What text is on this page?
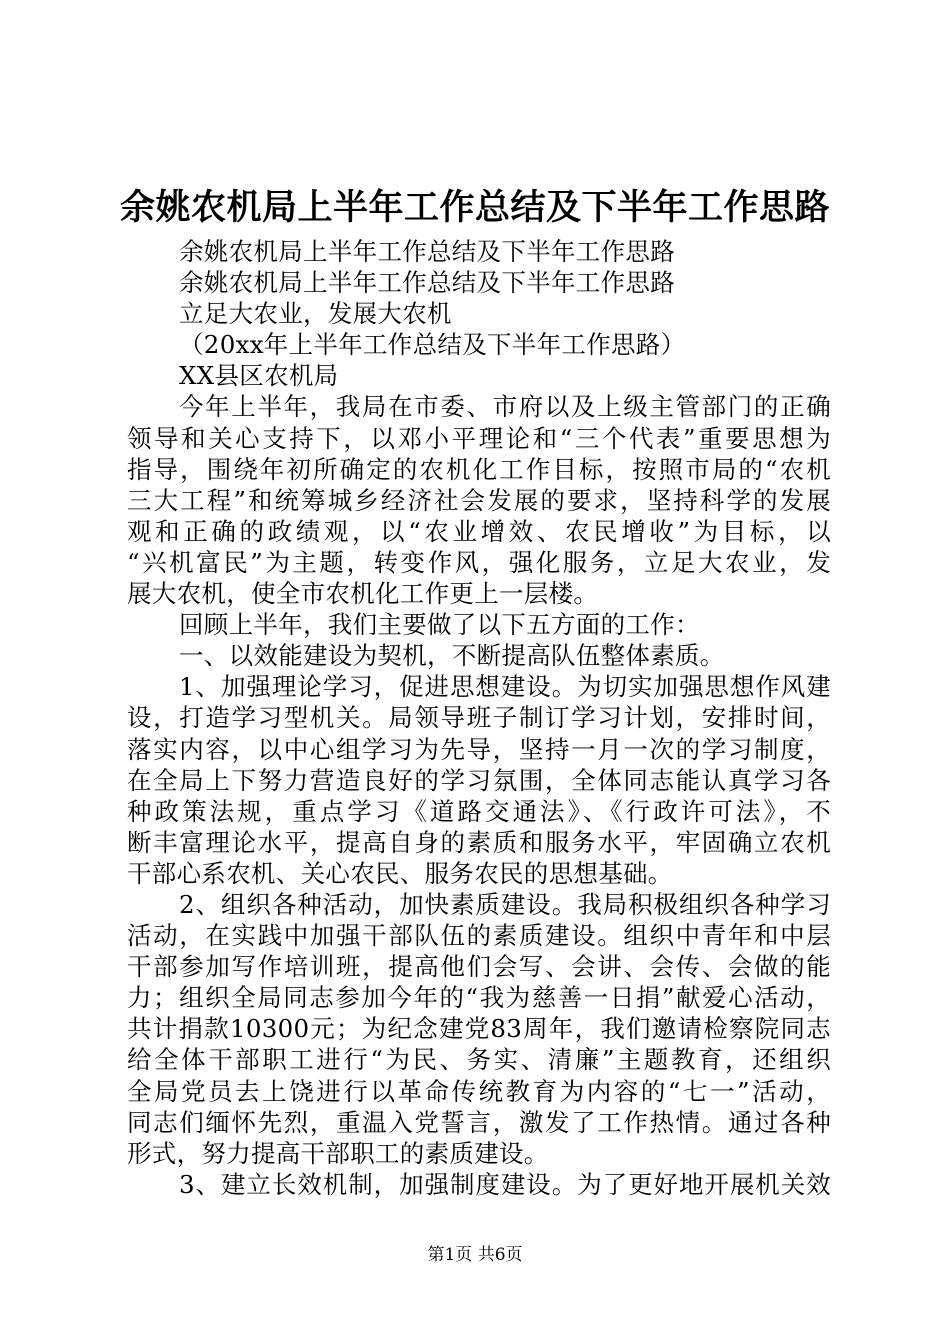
余姚农机局上半年工作总结及下半年工作思路
余姚农机局上半年工作总结及下半年工作思路
余姚农机局上半年工作总结及下半年工作思路
立足大农业，发展大农机
（20xx年上半年工作总结及下半年工作思路）
XX县区农机局
今年上半年，我局在市委、市府以及上级主管部门的正确
领导和关心支持下，以邓小平理论和“三个代表”重要思想为
指导，围绕年初所确定的农机化工作目标，按照市局的“农机
三大工程”和统筹城乡经济社会发展的要求，坚持科学的发展
观和正确的政绩观，以“农业增效、农民增收”为目标，以
“兴机富民”为主题，转变作风，强化服务，立足大农业，发
展大农机，使全市农机化工作更上一层楼。
回顾上半年，我们主要做了以下五方面的工作：
一、以效能建设为契机，不断提高队伍整体素质。
1、加强理论学习，促进思想建设。为切实加强思想作风建
设，打造学习型机关。局领导班子制订学习计划，安排时间，
落实内容，以中心组学习为先导，坚持一月一次的学习制度，
在全局上下努力营造良好的学习氛围，全体同志能认真学习各
种政策法规，重点学习《道路交通法》、《行政许可法》，不
断丰富理论水平，提高自身的素质和服务水平，牢固确立农机
干部心系农机、关心农民、服务农民的思想基础。
2、组织各种活动，加快素质建设。我局积极组织各种学习
活动，在实践中加强干部队伍的素质建设。组织中青年和中层
干部参加写作培训班，提高他们会写、会讲、会传、会做的能
力；组织全局同志参加今年的“我为慈善一日捐”献爱心活动，
共计捐款10300元；为纪念建党83周年，我们邀请检察院同志
给全体干部职工进行“为民、务实、清廉”主题教育，还组织
全局党员去上饶进行以革命传统教育为内容的“七一”活动，
同志们缅怀先烈，重温入党誓言，激发了工作热情。通过各种
形式，努力提高干部职工的素质建设。
3、建立长效机制，加强制度建设。为了更好地开展机关效
第1页 共6页
